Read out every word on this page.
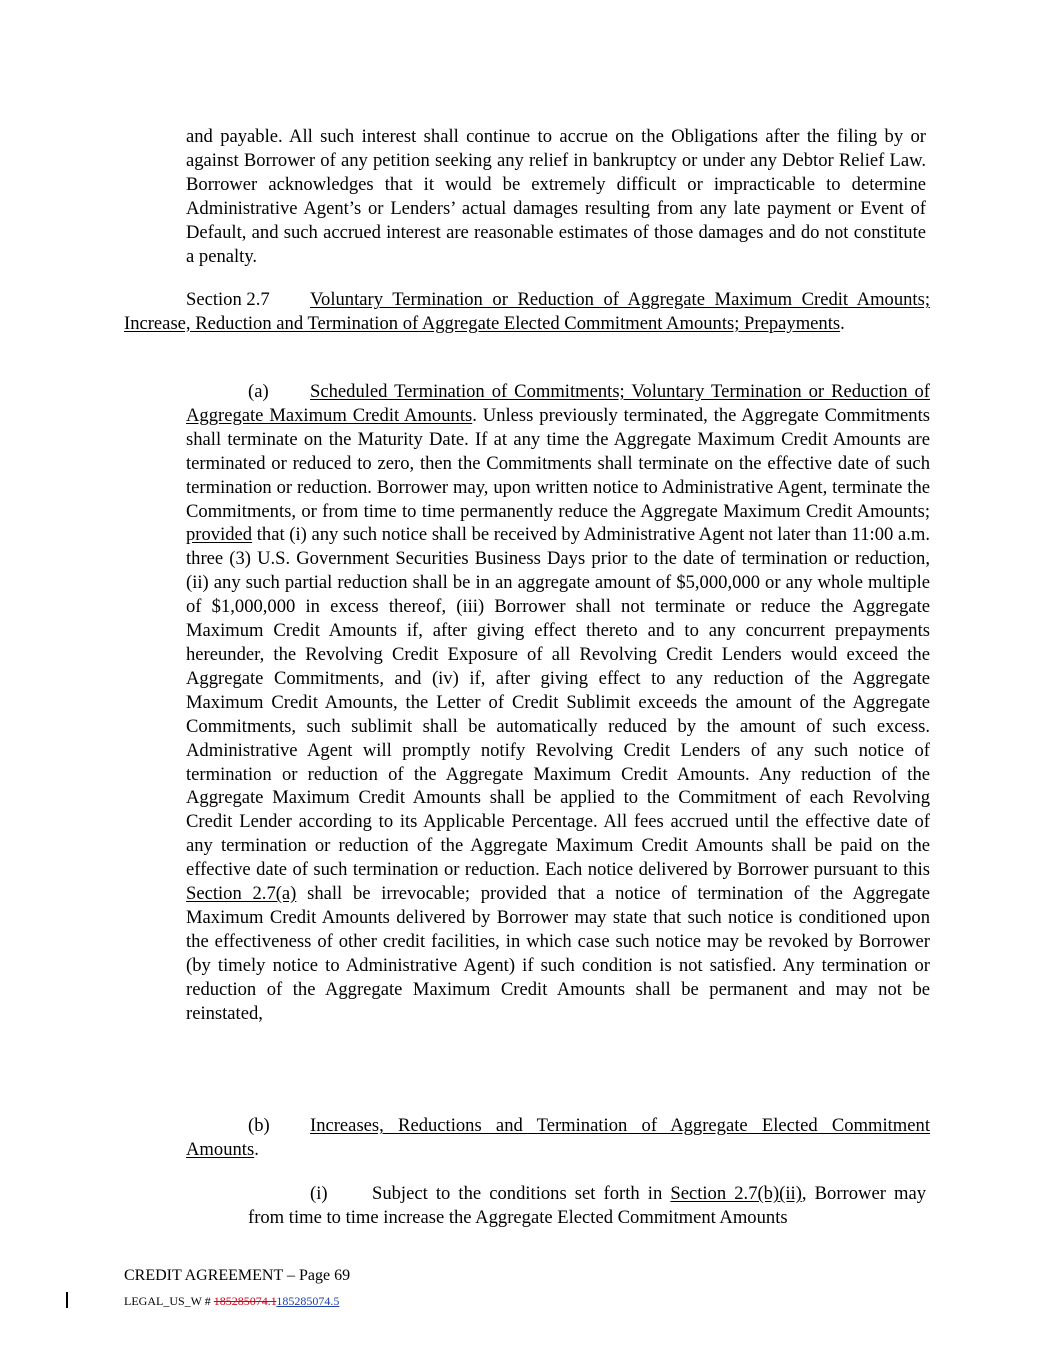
and payable. All such interest shall continue to accrue on the Obligations after the filing by or against Borrower of any petition seeking any relief in bankruptcy or under any Debtor Relief Law. Borrower acknowledges that it would be extremely difficult or impracticable to determine Administrative Agent’s or Lenders’ actual damages resulting from any late payment or Event of Default, and such accrued interest are reasonable estimates of those damages and do not constitute a penalty.
Section 2.7 Voluntary Termination or Reduction of Aggregate Maximum Credit Amounts; Increase, Reduction and Termination of Aggregate Elected Commitment Amounts; Prepayments.
(a) Scheduled Termination of Commitments; Voluntary Termination or Reduction of Aggregate Maximum Credit Amounts. Unless previously terminated, the Aggregate Commitments shall terminate on the Maturity Date. If at any time the Aggregate Maximum Credit Amounts are terminated or reduced to zero, then the Commitments shall terminate on the effective date of such termination or reduction. Borrower may, upon written notice to Administrative Agent, terminate the Commitments, or from time to time permanently reduce the Aggregate Maximum Credit Amounts; provided that (i) any such notice shall be received by Administrative Agent not later than 11:00 a.m. three (3) U.S. Government Securities Business Days prior to the date of termination or reduction, (ii) any such partial reduction shall be in an aggregate amount of $5,000,000 or any whole multiple of $1,000,000 in excess thereof, (iii) Borrower shall not terminate or reduce the Aggregate Maximum Credit Amounts if, after giving effect thereto and to any concurrent prepayments hereunder, the Revolving Credit Exposure of all Revolving Credit Lenders would exceed the Aggregate Commitments, and (iv) if, after giving effect to any reduction of the Aggregate Maximum Credit Amounts, the Letter of Credit Sublimit exceeds the amount of the Aggregate Commitments, such sublimit shall be automatically reduced by the amount of such excess. Administrative Agent will promptly notify Revolving Credit Lenders of any such notice of termination or reduction of the Aggregate Maximum Credit Amounts. Any reduction of the Aggregate Maximum Credit Amounts shall be applied to the Commitment of each Revolving Credit Lender according to its Applicable Percentage. All fees accrued until the effective date of any termination or reduction of the Aggregate Maximum Credit Amounts shall be paid on the effective date of such termination or reduction. Each notice delivered by Borrower pursuant to this Section 2.7(a) shall be irrevocable; provided that a notice of termination of the Aggregate Maximum Credit Amounts delivered by Borrower may state that such notice is conditioned upon the effectiveness of other credit facilities, in which case such notice may be revoked by Borrower (by timely notice to Administrative Agent) if such condition is not satisfied. Any termination or reduction of the Aggregate Maximum Credit Amounts shall be permanent and may not be reinstated,
(b) Increases, Reductions and Termination of Aggregate Elected Commitment Amounts.
(i) Subject to the conditions set forth in Section 2.7(b)(ii), Borrower may from time to time increase the Aggregate Elected Commitment Amounts
CREDIT AGREEMENT – Page 69
LEGAL_US_W # 185285074.1185285074.5
